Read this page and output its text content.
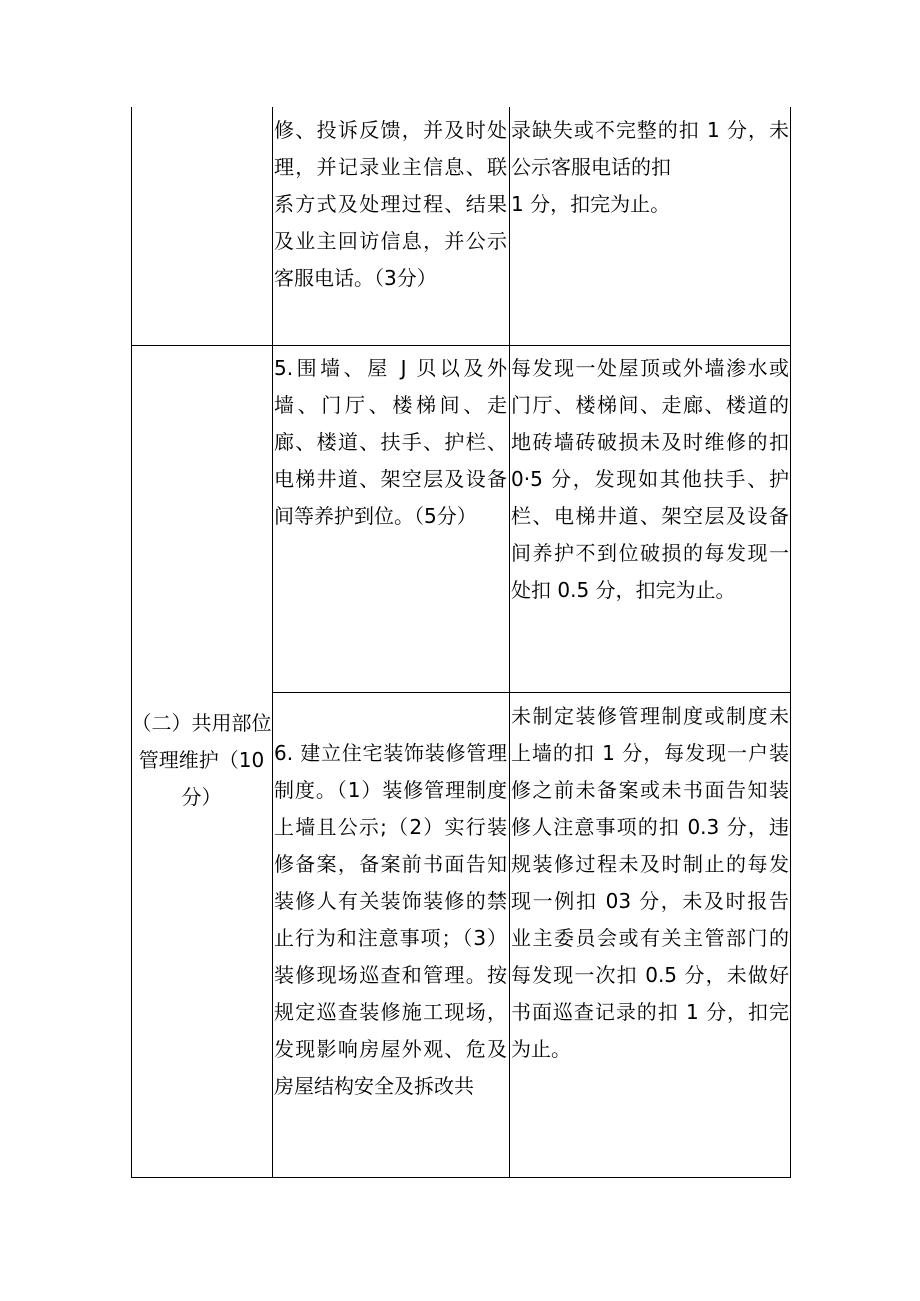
修、投诉反馈，并及时处理，并记录业主信息、联系方式及处理过程、结果及业主回访信息，并公示客服电话。（3分）
录缺失或不完整的扣 1 分，未公示客服电话的扣
1 分，扣完为止。
5.围墙、屋 J 贝以及外墙、门厅、楼梯间、走廊、楼道、扶手、护栏、电梯井道、架空层及设备间等养护到位。（5分）
每发现一处屋顶或外墙渗水或门厅、楼梯间、走廊、楼道的地砖墙砖破损未及时维修的扣 0·5 分，发现如其他扶手、护栏、电梯井道、架空层及设备间养护不到位破损的每发现一处扣 0.5 分，扣完为止。
（二）共用部位管理维护（10 分）
6. 建立住宅装饰装修管理制度。（1）装修管理制度上墙且公示;（2）实行装修备案，备案前书面告知装修人有关装饰装修的禁止行为和注意事项；（3）装修现场巡查和管理。按规定巡查装修施工现场，发现影响房屋外观、危及房屋结构安全及拆改共
未制定装修管理制度或制度未上墙的扣 1 分，每发现一户装修之前未备案或未书面告知装修人注意事项的扣 0.3 分，违规装修过程未及时制止的每发现一例扣 03 分，未及时报告业主委员会或有关主管部门的每发现一次扣 0.5 分，未做好书面巡查记录的扣 1 分，扣完为止。
